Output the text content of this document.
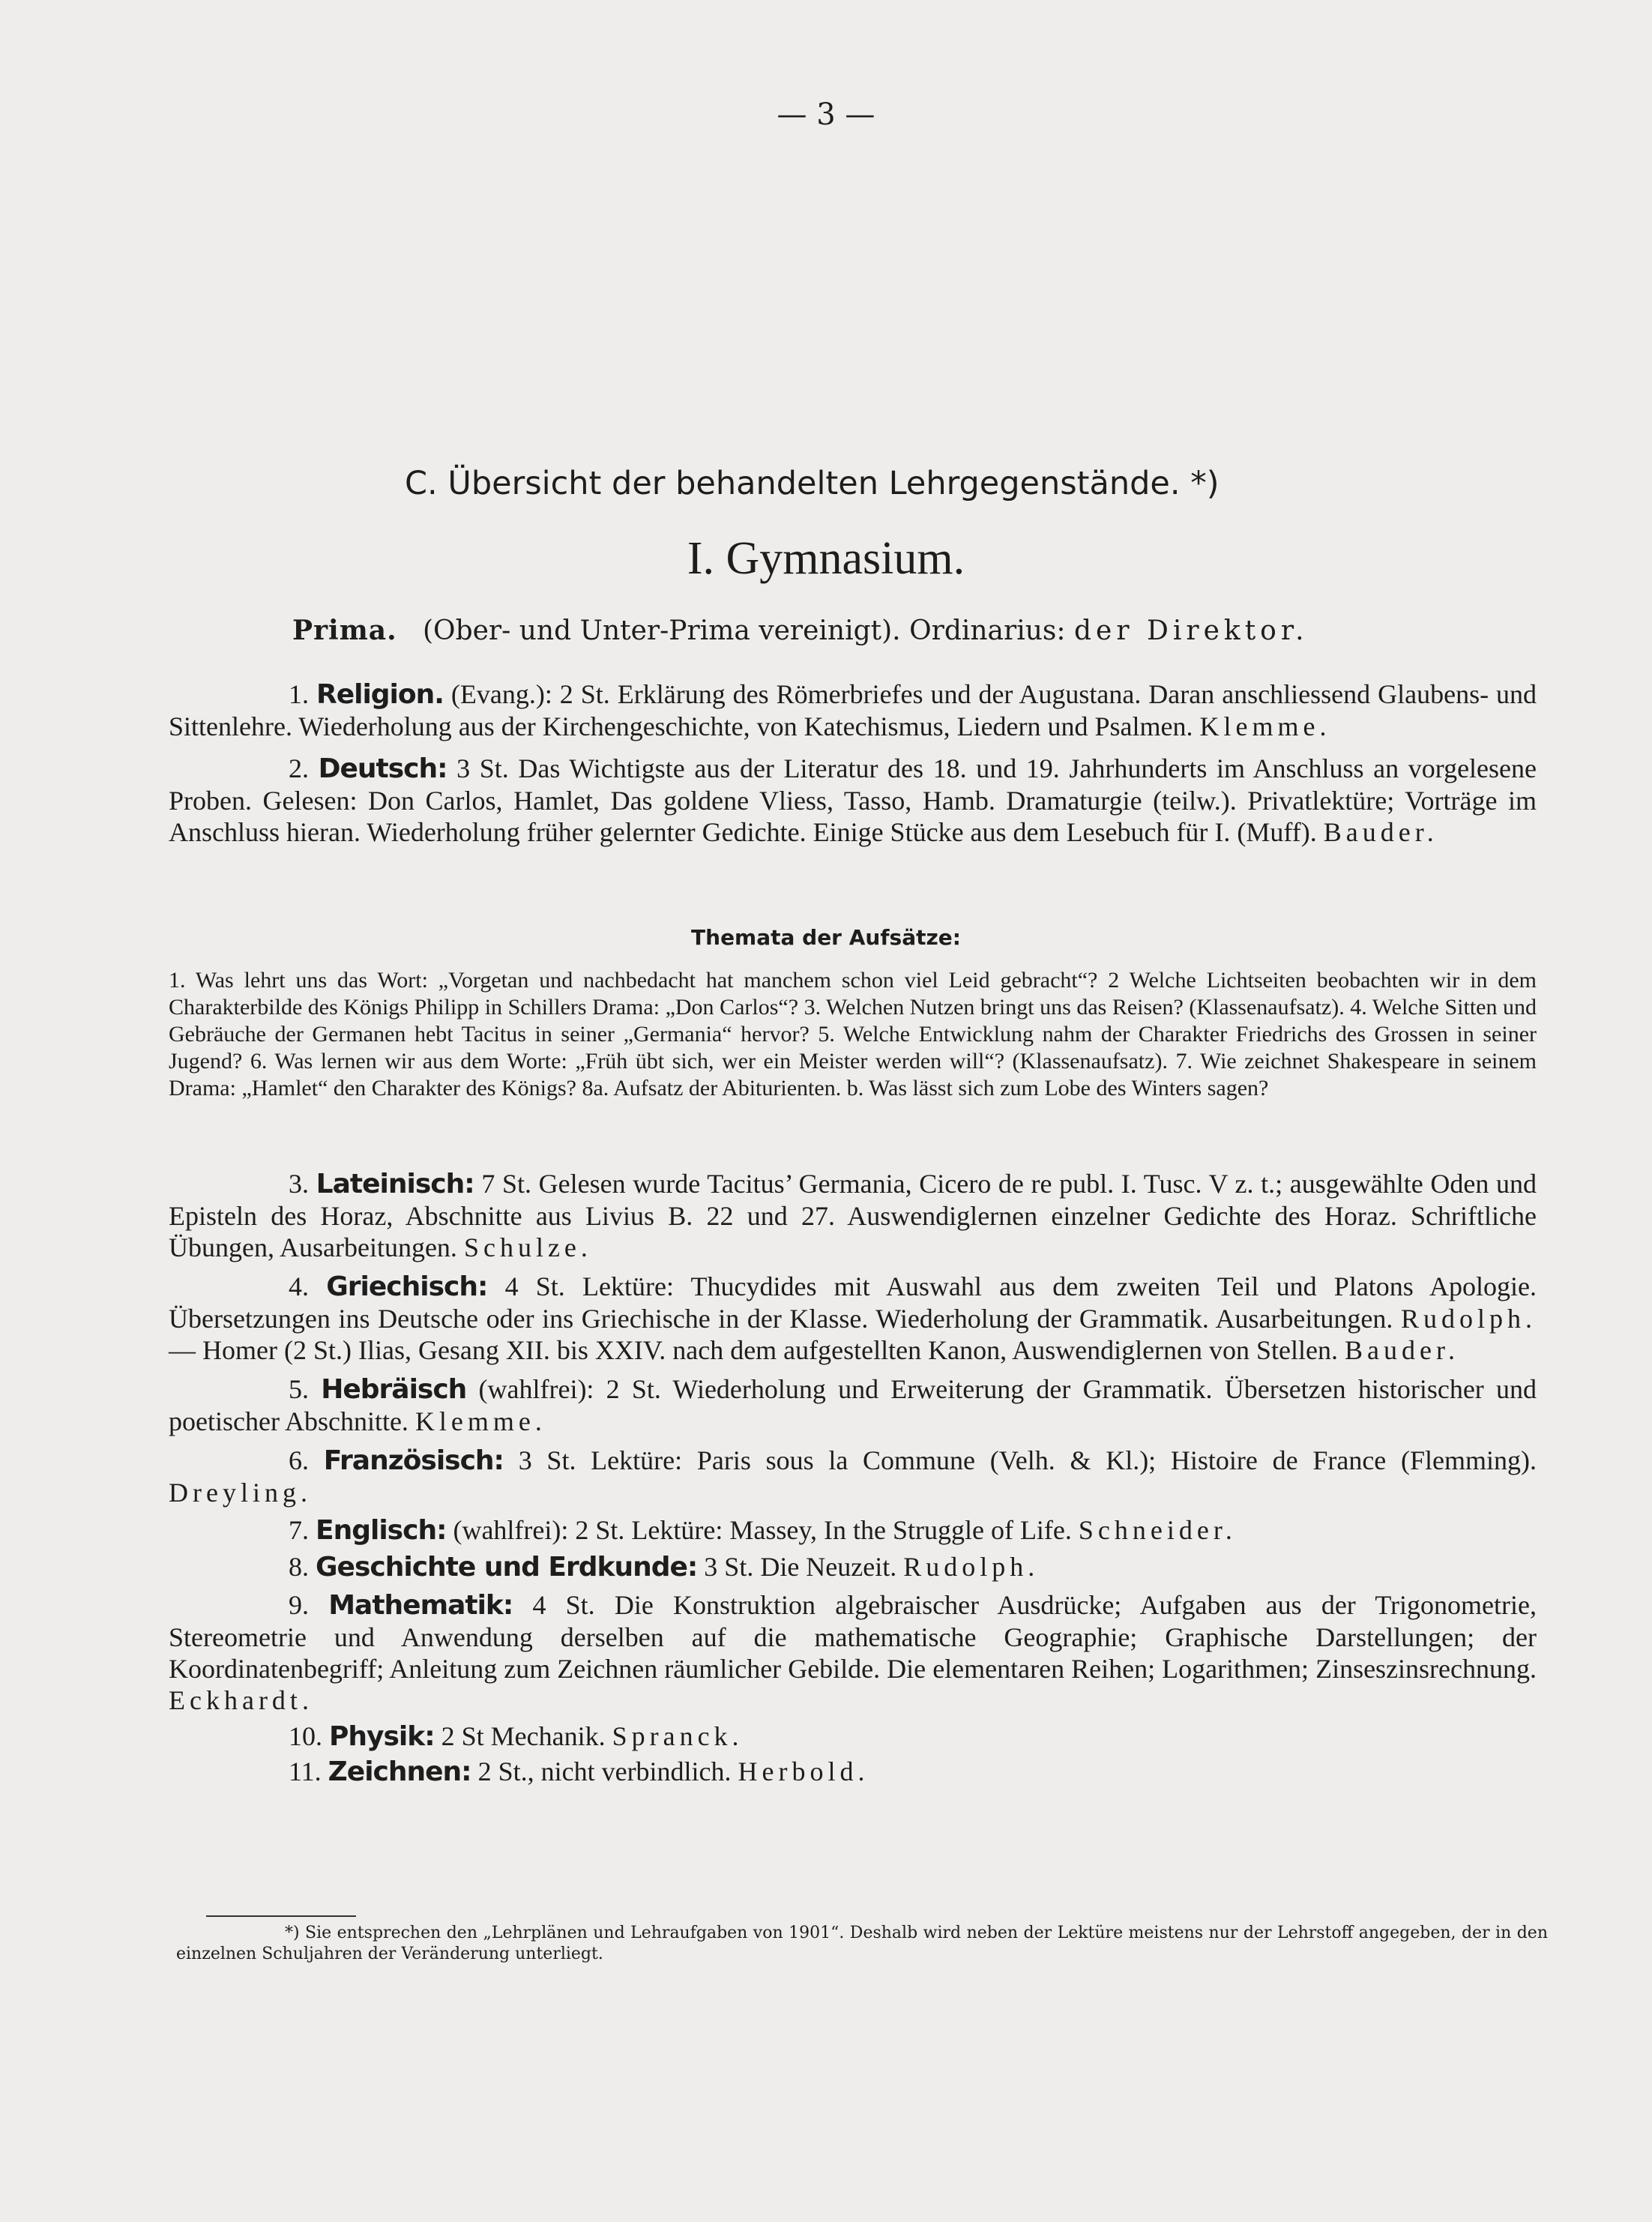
— 3 —
C. Übersicht der behandelten Lehrgegenstände. *)
I. Gymnasium.
Prima. (Ober- und Unter-Prima vereinigt). Ordinarius: der Direktor.

1. Religion. (Evang.): 2 St. Erklärung des Römerbriefes und der Augustana. Daran anschliessend Glaubens- und Sittenlehre. Wiederholung aus der Kirchengeschichte, von Katechismus, Liedern und Psalmen. Klemme.

2. Deutsch: 3 St. Das Wichtigste aus der Literatur des 18. und 19. Jahrhunderts im Anschluss an vorgelesene Proben. Gelesen: Don Carlos, Hamlet, Das goldene Vliess, Tasso, Hamb. Dramaturgie (teilw.). Privatlektüre; Vorträge im Anschluss hieran. Wiederholung früher gelernter Gedichte. Einige Stücke aus dem Lesebuch für I. (Muff). Bauder.

Themata der Aufsätze:

1. Was lehrt uns das Wort: „Vorgetan und nachbedacht hat manchem schon viel Leid gebracht“? 2 Welche Lichtseiten beobachten wir in dem Charakterbilde des Königs Philipp in Schillers Drama: „Don Carlos“? 3. Welchen Nutzen bringt uns das Reisen? (Klassenaufsatz). 4. Welche Sitten und Gebräuche der Germanen hebt Tacitus in seiner „Germania“ hervor? 5. Welche Entwicklung nahm der Charakter Friedrichs des Grossen in seiner Jugend? 6. Was lernen wir aus dem Worte: „Früh übt sich, wer ein Meister werden will“? (Klassenaufsatz). 7. Wie zeichnet Shakespeare in seinem Drama: „Hamlet“ den Charakter des Königs? 8a. Aufsatz der Abiturienten. b. Was lässt sich zum Lobe des Winters sagen?

3. Lateinisch: 7 St. Gelesen wurde Tacitus’ Germania, Cicero de re publ. I. Tusc. V z. t.; ausgewählte Oden und Episteln des Horaz, Abschnitte aus Livius B. 22 und 27. Auswendiglernen einzelner Gedichte des Horaz. Schriftliche Übungen, Ausarbeitungen. Schulze.

4. Griechisch: 4 St. Lektüre: Thucydides mit Auswahl aus dem zweiten Teil und Platons Apologie. Übersetzungen ins Deutsche oder ins Griechische in der Klasse. Wiederholung der Grammatik. Ausarbeitungen. Rudolph. — Homer (2 St.) Ilias, Gesang XII. bis XXIV. nach dem aufgestellten Kanon, Auswendiglernen von Stellen. Bauder.

5. Hebräisch (wahlfrei): 2 St. Wiederholung und Erweiterung der Grammatik. Übersetzen historischer und poetischer Abschnitte. Klemme.

6. Französisch: 3 St. Lektüre: Paris sous la Commune (Velh. & Kl.); Histoire de France (Flemming). Dreyling.

7. Englisch: (wahlfrei): 2 St. Lektüre: Massey, In the Struggle of Life. Schneider.

8. Geschichte und Erdkunde: 3 St. Die Neuzeit. Rudolph.

9. Mathematik: 4 St. Die Konstruktion algebraischer Ausdrücke; Aufgaben aus der Trigonometrie, Stereometrie und Anwendung derselben auf die mathematische Geographie; Graphische Darstellungen; der Koordinatenbegriff; Anleitung zum Zeichnen räumlicher Gebilde. Die elementaren Reihen; Logarithmen; Zinseszinsrechnung. Eckhardt.

10. Physik: 2 St Mechanik. Spranck.

11. Zeichnen: 2 St., nicht verbindlich. Herbold.

*) Sie entsprechen den „Lehrplänen und Lehraufgaben von 1901“. Deshalb wird neben der Lektüre meistens nur der Lehrstoff angegeben, der in den einzelnen Schuljahren der Veränderung unterliegt.
